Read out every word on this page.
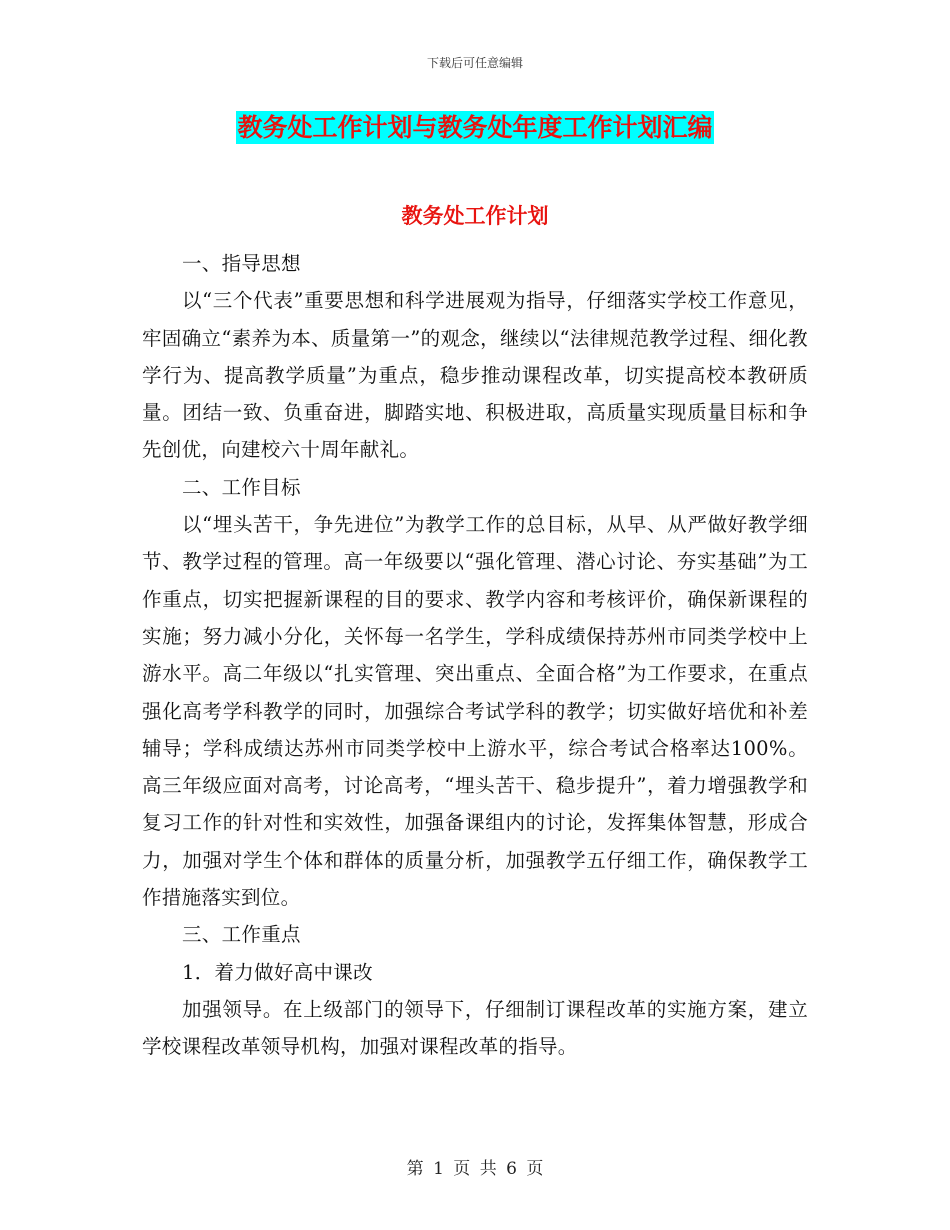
下载后可任意编辑
教务处工作计划与教务处年度工作计划汇编
教务处工作计划

一、指导思想

以“三个代表”重要思想和科学进展观为指导，仔细落实学校工作意见，牢固确立“素养为本、质量第一”的观念，继续以“法律规范教学过程、细化教学行为、提高教学质量”为重点，稳步推动课程改革，切实提高校本教研质量。团结一致、负重奋进，脚踏实地、积极进取，高质量实现质量目标和争先创优，向建校六十周年献礼。

二、工作目标

以“埋头苦干，争先进位”为教学工作的总目标，从早、从严做好教学细节、教学过程的管理。高一年级要以“强化管理、潜心讨论、夯实基础”为工作重点，切实把握新课程的目的要求、教学内容和考核评价，确保新课程的实施；努力减小分化，关怀每一名学生，学科成绩保持苏州市同类学校中上游水平。高二年级以“扎实管理、突出重点、全面合格”为工作要求，在重点强化高考学科教学的同时，加强综合考试学科的教学；切实做好培优和补差辅导；学科成绩达苏州市同类学校中上游水平，综合考试合格率达100%。高三年级应面对高考，讨论高考，“埋头苦干、稳步提升”，着力增强教学和复习工作的针对性和实效性，加强备课组内的讨论，发挥集体智慧，形成合力，加强对学生个体和群体的质量分析，加强教学五仔细工作，确保教学工作措施落实到位。

三、工作重点

1．着力做好高中课改

加强领导。在上级部门的领导下，仔细制订课程改革的实施方案，建立学校课程改革领导机构，加强对课程改革的指导。

第 1 页 共 6 页
